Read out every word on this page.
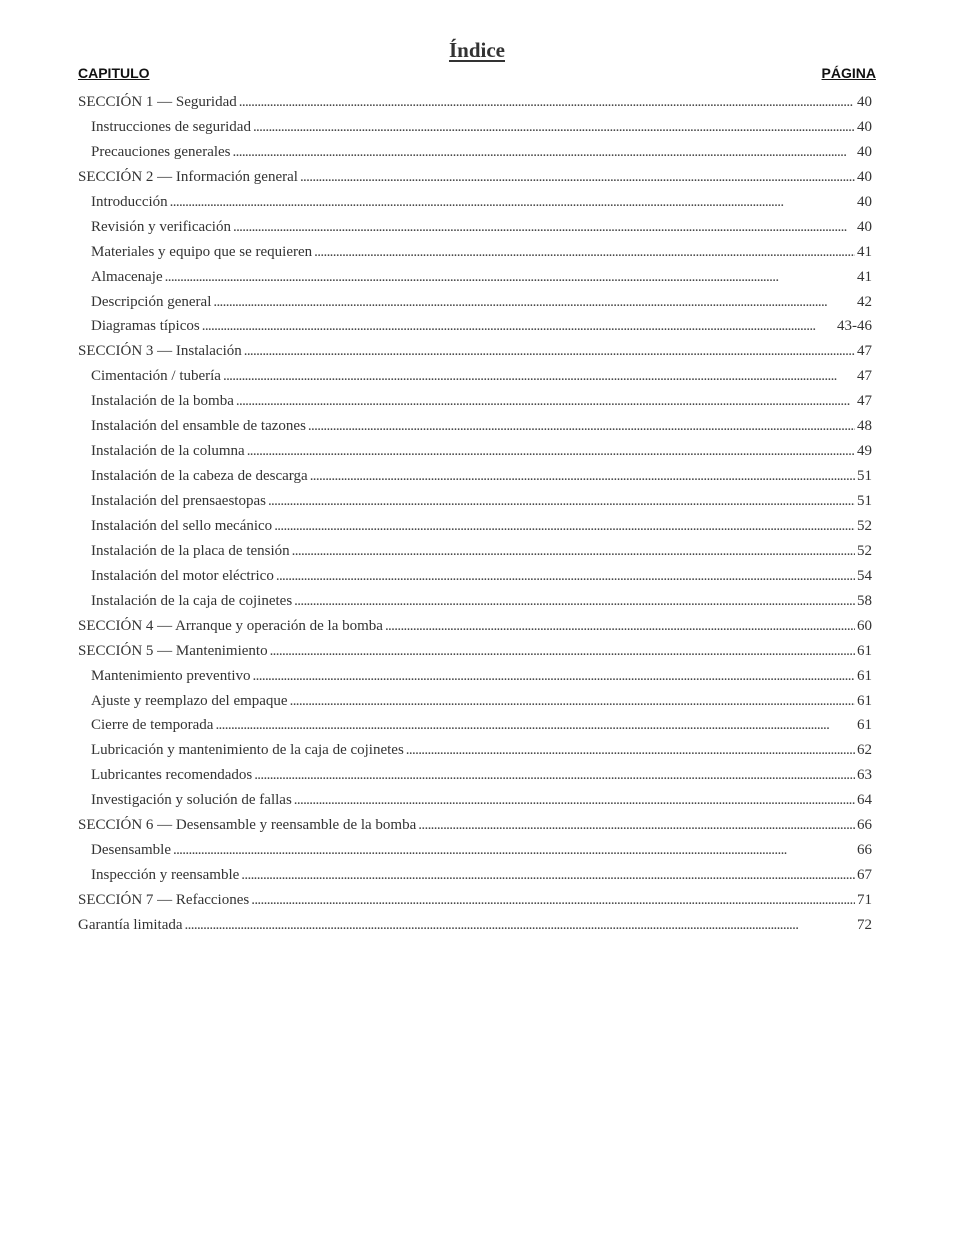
Índice
CAPITULO	PÁGINA
SECCIÓN 1 — Seguridad . . .	40
Instrucciones de seguridad . . .	40
Precauciones generales . . .	40
SECCIÓN 2 — Información general . . .	40
Introducción . . .	40
Revisión y verificación . . .	40
Materiales y equipo que se requieren . . .	41
Almacenaje . . .	41
Descripción general . . .	42
Diagramas típicos . . .	43-46
SECCIÓN 3 — Instalación . . .	47
Cimentación / tubería . . .	47
Instalación de la bomba . . .	47
Instalación del ensamble de tazones . . .	48
Instalación de la columna . . .	49
Instalación de la cabeza de descarga . . .	51
Instalación del prensaestopas . . .	51
Instalación del sello mecánico . . .	52
Instalación de la placa de tensión . . .	52
Instalación del motor eléctrico . . .	54
Instalación de la caja de cojinetes . . .	58
SECCIÓN 4 — Arranque y operación de la bomba . . .	60
SECCIÓN 5 — Mantenimiento . . .	61
Mantenimiento preventivo . . .	61
Ajuste y reemplazo del empaque . . .	61
Cierre de temporada . . .	61
Lubricación y mantenimiento de la caja de cojinetes . . .	62
Lubricantes recomendados . . .	63
Investigación y solución de fallas . . .	64
SECCIÓN 6 — Desensamble y reensamble de la bomba . . .	66
Desensamble . . .	66
Inspección y reensamble . . .	67
SECCIÓN 7 — Refacciones . . .	71
Garantía limitada . . .	72
